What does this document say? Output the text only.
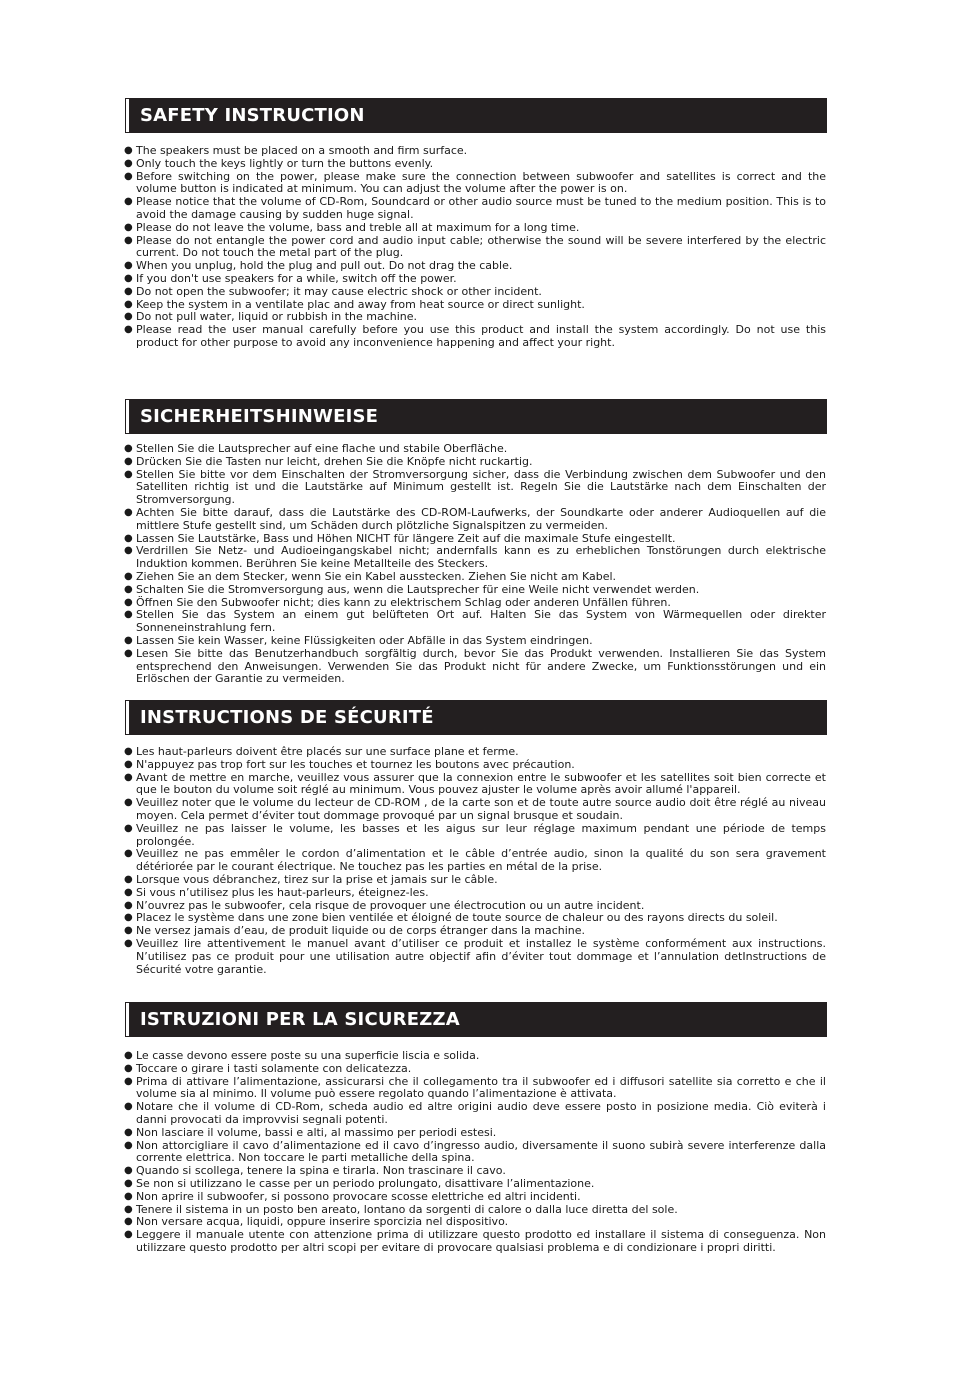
SAFETY INSTRUCTION
● The speakers must be placed on a smooth and firm surface.
● Only touch the keys lightly or turn the buttons evenly.
● Before switching on the power, please make sure the connection between subwoofer and satellites is correct and the volume button is indicated at minimum. You can adjust the volume after the power is on.
● Please notice that the volume of CD-Rom, Soundcard or other audio source must be tuned to the medium position. This is to avoid the damage causing by sudden huge signal.
● Please do not leave the volume, bass and treble all at maximum for a long time.
● Please do not entangle the power cord and audio input cable; otherwise the sound will be severe interfered by the electric current. Do not touch the metal part of the plug.
● When you unplug, hold the plug and pull out. Do not drag the cable.
● If you don't use speakers for a while, switch off the power.
● Do not open the subwoofer; it may cause electric shock or other incident.
● Keep the system in a ventilate plac and away from heat source or direct sunlight.
● Do not pull water, liquid or rubbish in the machine.
● Please read the user manual carefully before you use this product and install the system accordingly. Do not use this product for other purpose to avoid any inconvenience happening and affect your right.
SICHERHEITSHINWEISE
● Stellen Sie die Lautsprecher auf eine flache und stabile Oberfläche.
● Drücken Sie die Tasten nur leicht, drehen Sie die Knöpfe nicht ruckartig.
● Stellen Sie bitte vor dem Einschalten der Stromversorgung sicher, dass die Verbindung zwischen dem Subwoofer und den Satelliten richtig ist und die Lautstärke auf Minimum gestellt ist. Regeln Sie die Lautstärke nach dem Einschalten der Stromversorgung.
● Achten Sie bitte darauf, dass die Lautstärke des CD-ROM-Laufwerks, der Soundkarte oder anderer Audioquellen auf die mittlere Stufe gestellt sind, um Schäden durch plötzliche Signalspitzen zu vermeiden.
● Lassen Sie Lautstärke, Bass und Höhen NICHT für längere Zeit auf die maximale Stufe eingestellt.
● Verdrillen Sie Netz- und Audioeingangskabel nicht; andernfalls kann es zu erheblichen Tonstörungen durch elektrische Induktion kommen. Berühren Sie keine Metallteile des Steckers.
● Ziehen Sie an dem Stecker, wenn Sie ein Kabel ausstecken. Ziehen Sie nicht am Kabel.
● Schalten Sie die Stromversorgung aus, wenn die Lautsprecher für eine Weile nicht verwendet werden.
● Öffnen Sie den Subwoofer nicht; dies kann zu elektrischem Schlag oder anderen Unfällen führen.
● Stellen Sie das System an einem gut belüfteten Ort auf. Halten Sie das System von Wärmequellen oder direkter Sonneneinstrahlung fern.
● Lassen Sie kein Wasser, keine Flüssigkeiten oder Abfälle in das System eindringen.
● Lesen Sie bitte das Benutzerhandbuch sorgfältig durch, bevor Sie das Produkt verwenden. Installieren Sie das System entsprechend den Anweisungen. Verwenden Sie das Produkt nicht für andere Zwecke, um Funktionsstörungen und ein Erlöschen der Garantie zu vermeiden.
INSTRUCTIONS DE SÉCURITÉ
● Les haut-parleurs doivent être placés sur une surface plane et ferme.
● N'appuyez pas trop fort sur les touches et tournez les boutons avec précaution.
● Avant de mettre en marche, veuillez vous assurer que la connexion entre le subwoofer et les satellites soit bien correcte et que le bouton du volume soit réglé au minimum. Vous pouvez ajuster le volume après avoir allumé l'appareil.
● Veuillez noter que le volume du lecteur de CD-ROM , de la carte son et de toute autre source audio doit être réglé au niveau moyen. Cela permet d’éviter tout dommage provoqué par un signal brusque et soudain.
● Veuillez ne pas laisser le volume, les basses et les aigus sur leur réglage maximum pendant une période de temps prolongée.
● Veuillez ne pas emmêler le cordon d’alimentation et le câble d’entrée audio, sinon la qualité du son sera gravement détériorée par le courant électrique. Ne touchez pas les parties en métal de la prise.
● Lorsque vous débranchez, tirez sur la prise et jamais sur le câble.
● Si vous n’utilisez plus les haut-parleurs, éteignez-les.
● N’ouvrez pas le subwoofer, cela risque de provoquer une électrocution ou un autre incident.
● Placez le système dans une zone bien ventilée et éloigné de toute source de chaleur ou des rayons directs du soleil.
● Ne versez jamais d’eau, de produit liquide ou de corps étranger dans la machine.
● Veuillez lire attentivement le manuel avant d’utiliser ce produit et installez le système conformément aux instructions. N’utilisez pas ce produit pour une utilisation autre objectif afin d’éviter tout dommage et l’annulation detInstructions de Sécurité votre garantie.
ISTRUZIONI PER LA SICUREZZA
● Le casse devono essere poste su una superficie liscia e solida.
● Toccare o girare i tasti solamente con delicatezza.
● Prima di attivare l’alimentazione, assicurarsi che il collegamento tra il subwoofer ed i diffusori satellite sia corretto e che il volume sia al minimo. Il volume può essere regolato quando l’alimentazione è attivata.
● Notare che il volume di CD-Rom, scheda audio ed altre origini audio deve essere posto in posizione media. Ciò eviterà i danni provocati da improvvisi segnali potenti.
● Non lasciare il volume, bassi e alti, al massimo per periodi estesi.
● Non attorcigliare il cavo d’alimentazione ed il cavo d’ingresso audio, diversamente il suono subirà severe interferenze dalla corrente elettrica. Non toccare le parti metalliche della spina.
● Quando si scollega, tenere la spina e tirarla. Non trascinare il cavo.
● Se non si utilizzano le casse per un periodo prolungato, disattivare l’alimentazione.
● Non aprire il subwoofer, si possono provocare scosse elettriche ed altri incidenti.
● Tenere il sistema in un posto ben areato, lontano da sorgenti di calore o dalla luce diretta del sole.
● Non versare acqua, liquidi, oppure inserire sporcizia nel dispositivo.
● Leggere il manuale utente con attenzione prima di utilizzare questo prodotto ed installare il sistema di conseguenza. Non utilizzare questo prodotto per altri scopi per evitare di provocare qualsiasi problema e di condizionare i propri diritti.
